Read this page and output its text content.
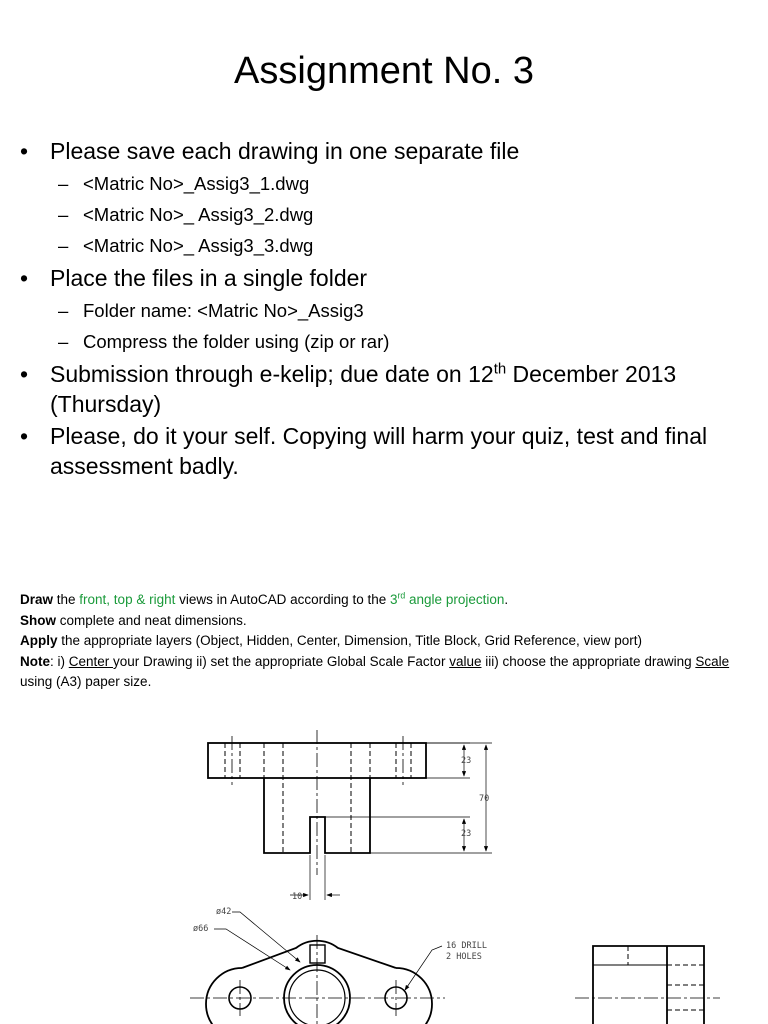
Assignment No. 3
• Please save each drawing in one separate file
– <Matric No>_Assig3_1.dwg
– <Matric No>_ Assig3_2.dwg
– <Matric No>_ Assig3_3.dwg
• Place the files in a single folder
– Folder name: <Matric No>_Assig3
– Compress the folder using (zip or rar)
• Submission through e-kelip; due date on 12th December 2013 (Thursday)
• Please, do it your self. Copying will harm your quiz, test and final assessment badly.
Draw the front, top & right views in AutoCAD according to the 3rd angle projection.
Show complete and neat dimensions.
Apply the appropriate layers (Object, Hidden, Center, Dimension, Title Block, Grid Reference, view port)
Note: i) Center your Drawing ii) set the appropriate Global Scale Factor value iii) choose the appropriate drawing Scale using (A3) paper size.
23
70
23
10
ø42
ø66
16 DRILL
2 HOLES
